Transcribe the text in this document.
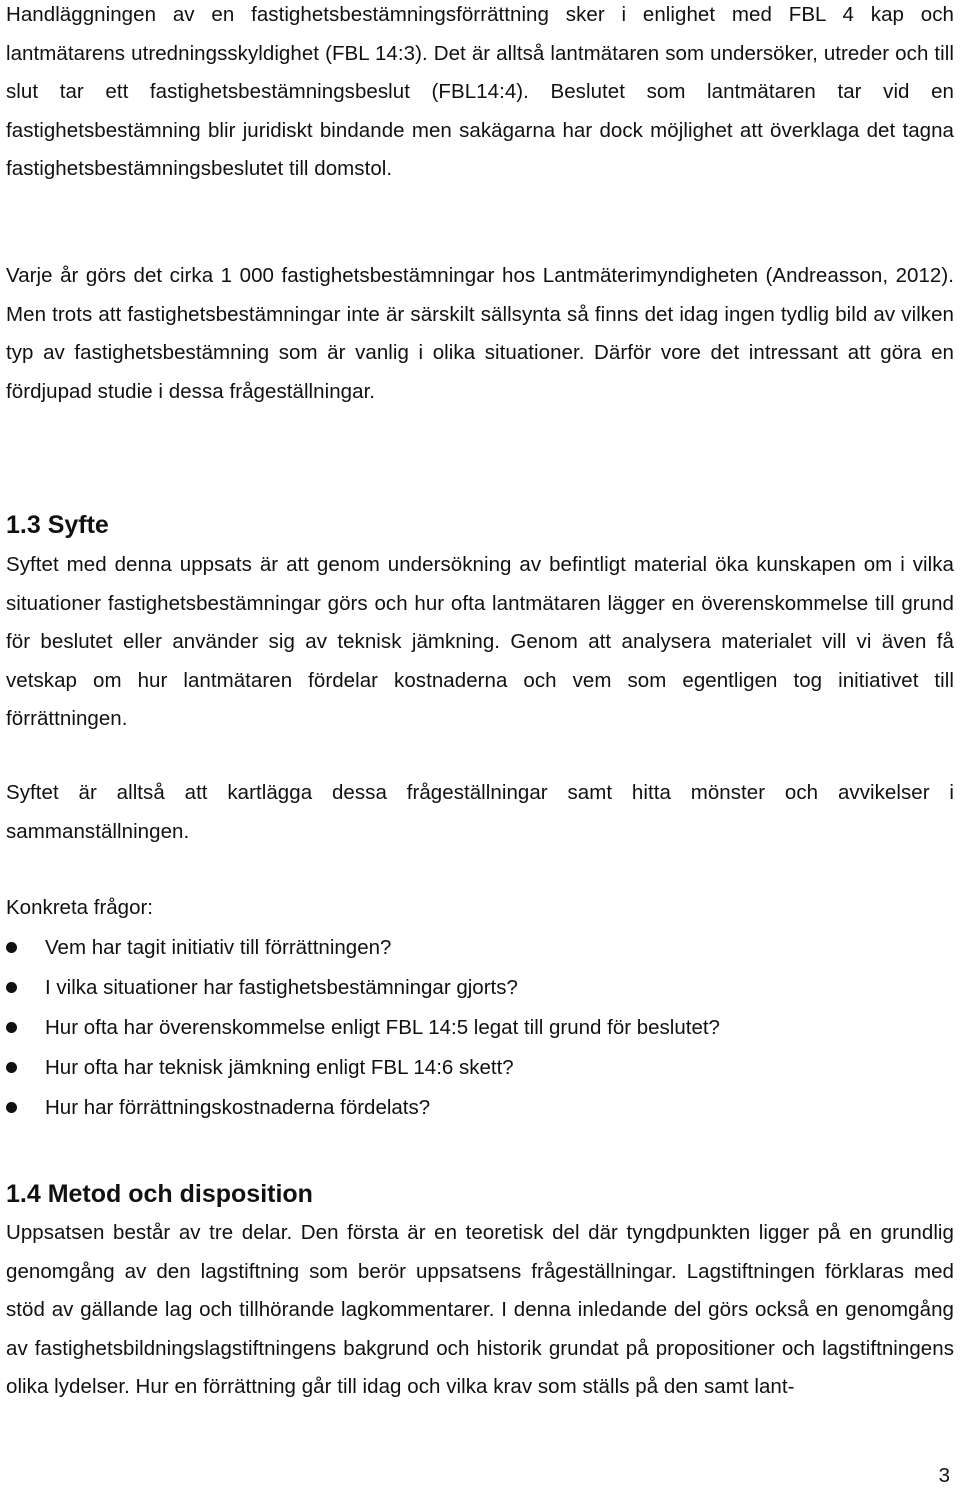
Handläggningen av en fastighetsbestämningsförrättning sker i enlighet med FBL 4 kap och lantmätarens utredningsskyldighet (FBL 14:3). Det är alltså lantmätaren som undersöker, utreder och till slut tar ett fastighetsbestämningsbeslut (FBL14:4). Beslutet som lantmätaren tar vid en fastighetsbestämning blir juridiskt bindande men sakägarna har dock möjlighet att överklaga det tagna fastighetsbestämningsbeslutet till domstol.

Varje år görs det cirka 1 000 fastighetsbestämningar hos Lantmäterimyndigheten (Andreasson, 2012). Men trots att fastighetsbestämningar inte är särskilt sällsynta så finns det idag ingen tydlig bild av vilken typ av fastighetsbestämning som är vanlig i olika situationer. Därför vore det intressant att göra en fördjupad studie i dessa frågeställningar.

1.3 Syfte

Syftet med denna uppsats är att genom undersökning av befintligt material öka kunskapen om i vilka situationer fastighetsbestämningar görs och hur ofta lantmätaren lägger en överenskommelse till grund för beslutet eller använder sig av teknisk jämkning. Genom att analysera materialet vill vi även få vetskap om hur lantmätaren fördelar kostnaderna och vem som egentligen tog initiativet till förrättningen.

Syftet är alltså att kartlägga dessa frågeställningar samt hitta mönster och avvikelser i sammanställningen.

Konkreta frågor:

Vem har tagit initiativ till förrättningen?
I vilka situationer har fastighetsbestämningar gjorts?
Hur ofta har överenskommelse enligt FBL 14:5 legat till grund för beslutet?
Hur ofta har teknisk jämkning enligt FBL 14:6 skett?
Hur har förrättningskostnaderna fördelats?
1.4 Metod och disposition

Uppsatsen består av tre delar. Den första är en teoretisk del där tyngdpunkten ligger på en grundlig genomgång av den lagstiftning som berör uppsatsens frågeställningar. Lagstiftningen förklaras med stöd av gällande lag och tillhörande lagkommentarer. I denna inledande del görs också en genomgång av fastighetsbildningslagstiftningens bakgrund och historik grundat på propositioner och lagstiftningens olika lydelser. Hur en förrättning går till idag och vilka krav som ställs på den samt lant-

3
